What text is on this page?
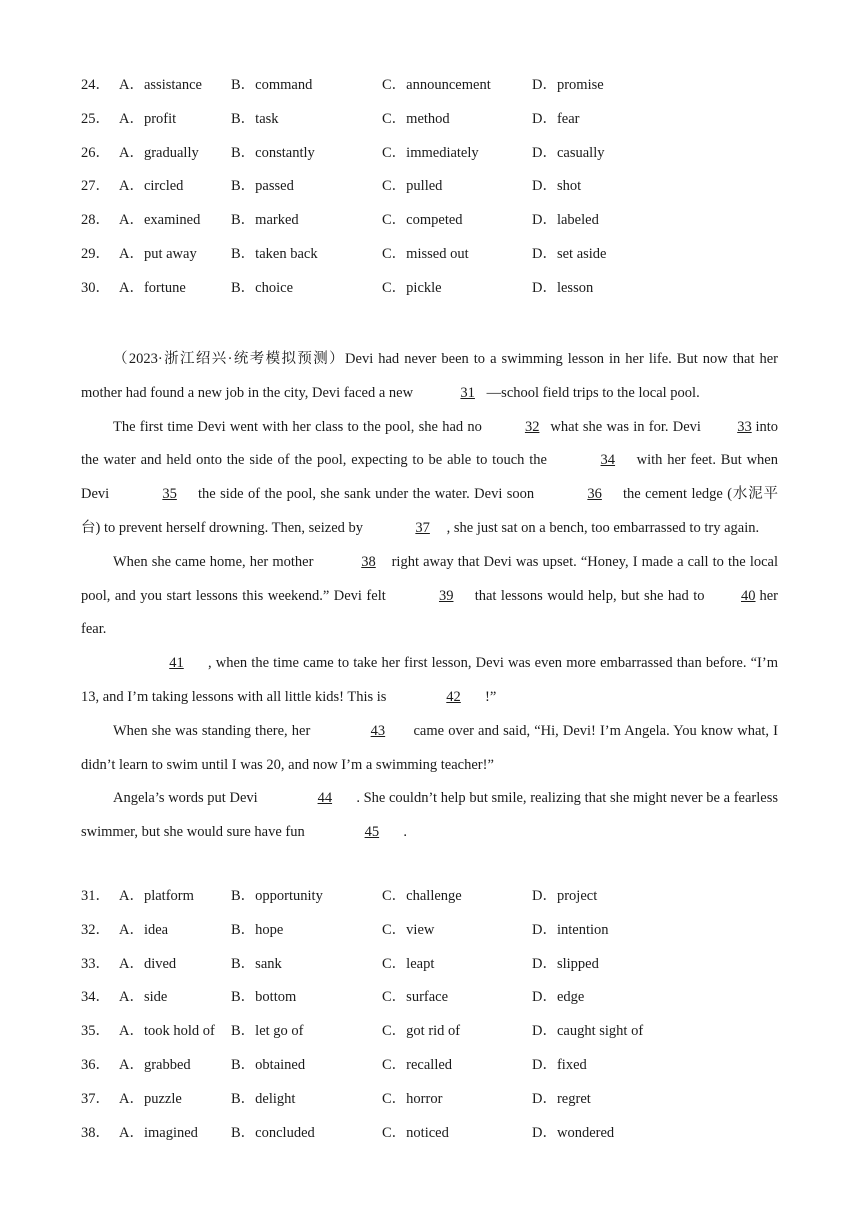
24． A．assistance B．command	C．announcement	D．promise
25． A．profit	B．task	C．method	D．fear
26． A．gradually B．constantly	C．immediately	D．casually
27． A．circled	B．passed	C．pulled	D．shot
28． A．examined B．marked	C．competed	D．labeled
29． A．put away B．taken back	C．missed out	D．set aside
30． A．fortune	B．choice	C．pickle	D．lesson

（2023·浙江绍兴·统考模拟预测）Devi had never been to a swimming lesson in her life. But now that her mother had found a new job in the city, Devi faced a new	31 —school field trips to the local pool.

The first time Devi went with her class to the pool, she had no	32 what she was in for. Devi 33 into the water and held onto the side of the pool, expecting to be able to touch the	34 with her feet. But when Devi	35 the side of the pool, she sank under the water. Devi soon	36 the cement ledge (水泥平台) to prevent herself drowning. Then, seized by	37 , she just sat on a bench, too embarrassed to try again.

When she came home, her mother	38 right away that Devi was upset. “Honey, I made a call to the local pool, and you start lessons this weekend.” Devi felt	39 that lessons would help, but she had to 40 her fear.

41 , when the time came to take her first lesson, Devi was even more embarrassed than before. “I’m 13, and I’m taking lessons with all little kids! This is	42 !”

When she was standing there, her	43 came over and said, “Hi, Devi! I’m Angela. You know what, I didn’t learn to swim until I was 20, and now I’m a swimming teacher!”

Angela’s words put Devi	44 . She couldn’t help but smile, realizing that she might never be a fearless swimmer, but she would sure have fun	45 .

31． A．platform	B．opportunity	C．challenge	D．project
32． A．idea	B．hope	C．view	D．intention
33． A．dived	B．sank	C．leapt	D．slipped
34． A．side	B．bottom	C．surface	D．edge
35． A．took hold of B．let go of	C．got rid of	D．caught sight of
36． A．grabbed	B．obtained	C．recalled	D．fixed
37． A．puzzle	B．delight	C．horror	D．regret
38． A．imagined B．concluded	C．noticed	D．wondered
